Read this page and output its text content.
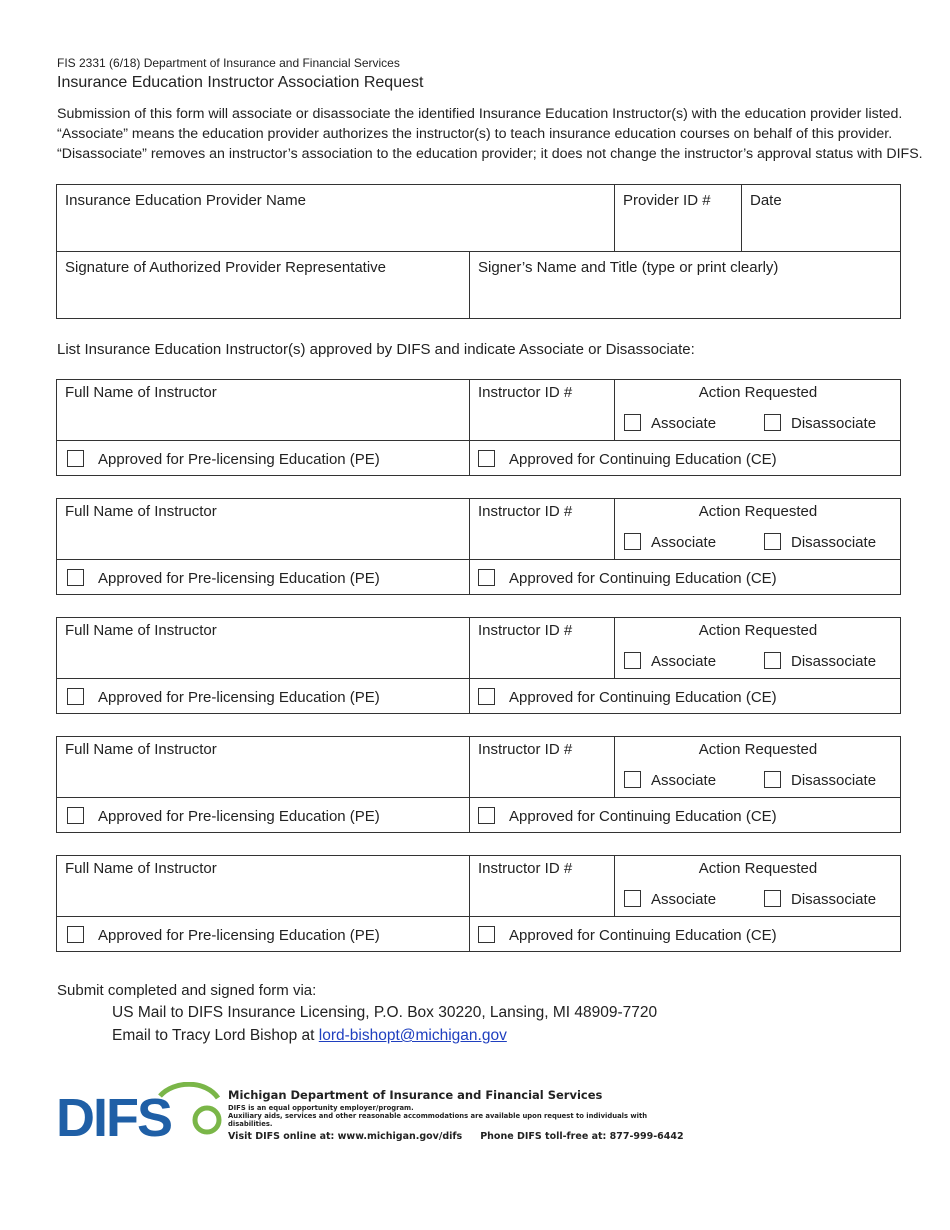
FIS 2331 (6/18) Department of Insurance and Financial Services
Insurance Education Instructor Association Request

Submission of this form will associate or disassociate the identified Insurance Education Instructor(s) with the education provider listed.

“Associate” means the education provider authorizes the instructor(s) to teach insurance education courses on behalf of this provider.

“Disassociate” removes an instructor’s association to the education provider; it does not change the instructor’s approval status with DIFS.

Insurance Education Provider Name	Provider ID #	Date
Signature of Authorized Provider Representative	Signer’s Name and Title (type or print clearly)
List Insurance Education Instructor(s) approved by DIFS and indicate Associate or Disassociate:
Full Name of Instructor	Instructor ID #	Action Requested
Associate	Disassociate
Approved for Pre-licensing Education (PE)	Approved for Continuing Education (CE)
Full Name of Instructor	Instructor ID #	Action Requested
Associate	Disassociate
Approved for Pre-licensing Education (PE)	Approved for Continuing Education (CE)
Full Name of Instructor	Instructor ID #	Action Requested
Associate	Disassociate
Approved for Pre-licensing Education (PE)	Approved for Continuing Education (CE)
Full Name of Instructor	Instructor ID #	Action Requested
Associate	Disassociate
Approved for Pre-licensing Education (PE)	Approved for Continuing Education (CE)
Full Name of Instructor	Instructor ID #	Action Requested
Associate	Disassociate
Approved for Pre-licensing Education (PE)	Approved for Continuing Education (CE)
Submit completed and signed form via:
US Mail to DIFS Insurance Licensing, P.O. Box 30220, Lansing, MI 48909-7720
Email to Tracy Lord Bishop at lord-bishopt@michigan.gov
DIFS	Michigan Department of Insurance and Financial Services
DIFS is an equal opportunity employer/program.
Auxiliary aids, services and other reasonable accommodations are available upon request to individuals with disabilities.
Visit DIFS online at: www.michigan.gov/difs Phone DIFS toll-free at: 877-999-6442
